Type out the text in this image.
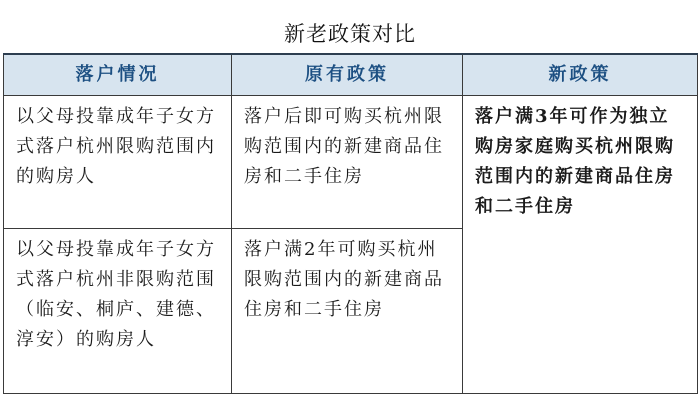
新老政策对比
落户情况	原有政策	新政策
以父母投靠成年子女方式落户杭州限购范围内的购房人	落户后即可购买杭州限购范围内的新建商品住房和二手住房	落户满3年可作为独立购房家庭购买杭州限购范围内的新建商品住房和二手住房
以父母投靠成年子女方式落户杭州非限购范围（临安、桐庐、建德、淳安）的购房人	落户满2年可购买杭州限购范围内的新建商品住房和二手住房	
